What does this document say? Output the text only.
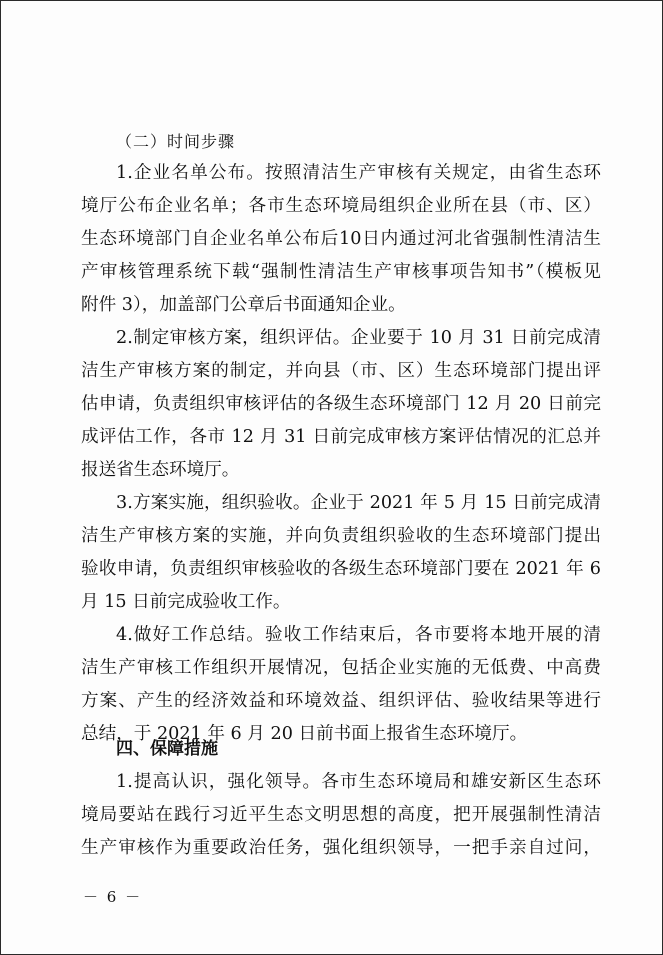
（二）时间步骤
1.企业名单公布。按照清洁生产审核有关规定，由省生态环
境厅公布企业名单；各市生态环境局组织企业所在县（市、区）
生态环境部门自企业名单公布后10日内通过河北省强制性清洁生
产审核管理系统下载“强制性清洁生产审核事项告知书”（模板见
附件 3），加盖部门公章后书面通知企业。
2.制定审核方案，组织评估。企业要于 10 月 31 日前完成清
洁生产审核方案的制定，并向县（市、区）生态环境部门提出评
估申请，负责组织审核评估的各级生态环境部门 12 月 20 日前完
成评估工作，各市 12 月 31 日前完成审核方案评估情况的汇总并
报送省生态环境厅。
3.方案实施，组织验收。企业于 2021 年 5 月 15 日前完成清
洁生产审核方案的实施，并向负责组织验收的生态环境部门提出
验收申请，负责组织审核验收的各级生态环境部门要在 2021 年 6
月 15 日前完成验收工作。
4.做好工作总结。验收工作结束后，各市要将本地开展的清
洁生产审核工作组织开展情况，包括企业实施的无低费、中高费
方案、产生的经济效益和环境效益、组织评估、验收结果等进行
总结，于 2021 年 6 月 20 日前书面上报省生态环境厅。
四、保障措施
1.提高认识，强化领导。各市生态环境局和雄安新区生态环
境局要站在践行习近平生态文明思想的高度，把开展强制性清洁
生产审核作为重要政治任务，强化组织领导，一把手亲自过问，
－ 6 －
